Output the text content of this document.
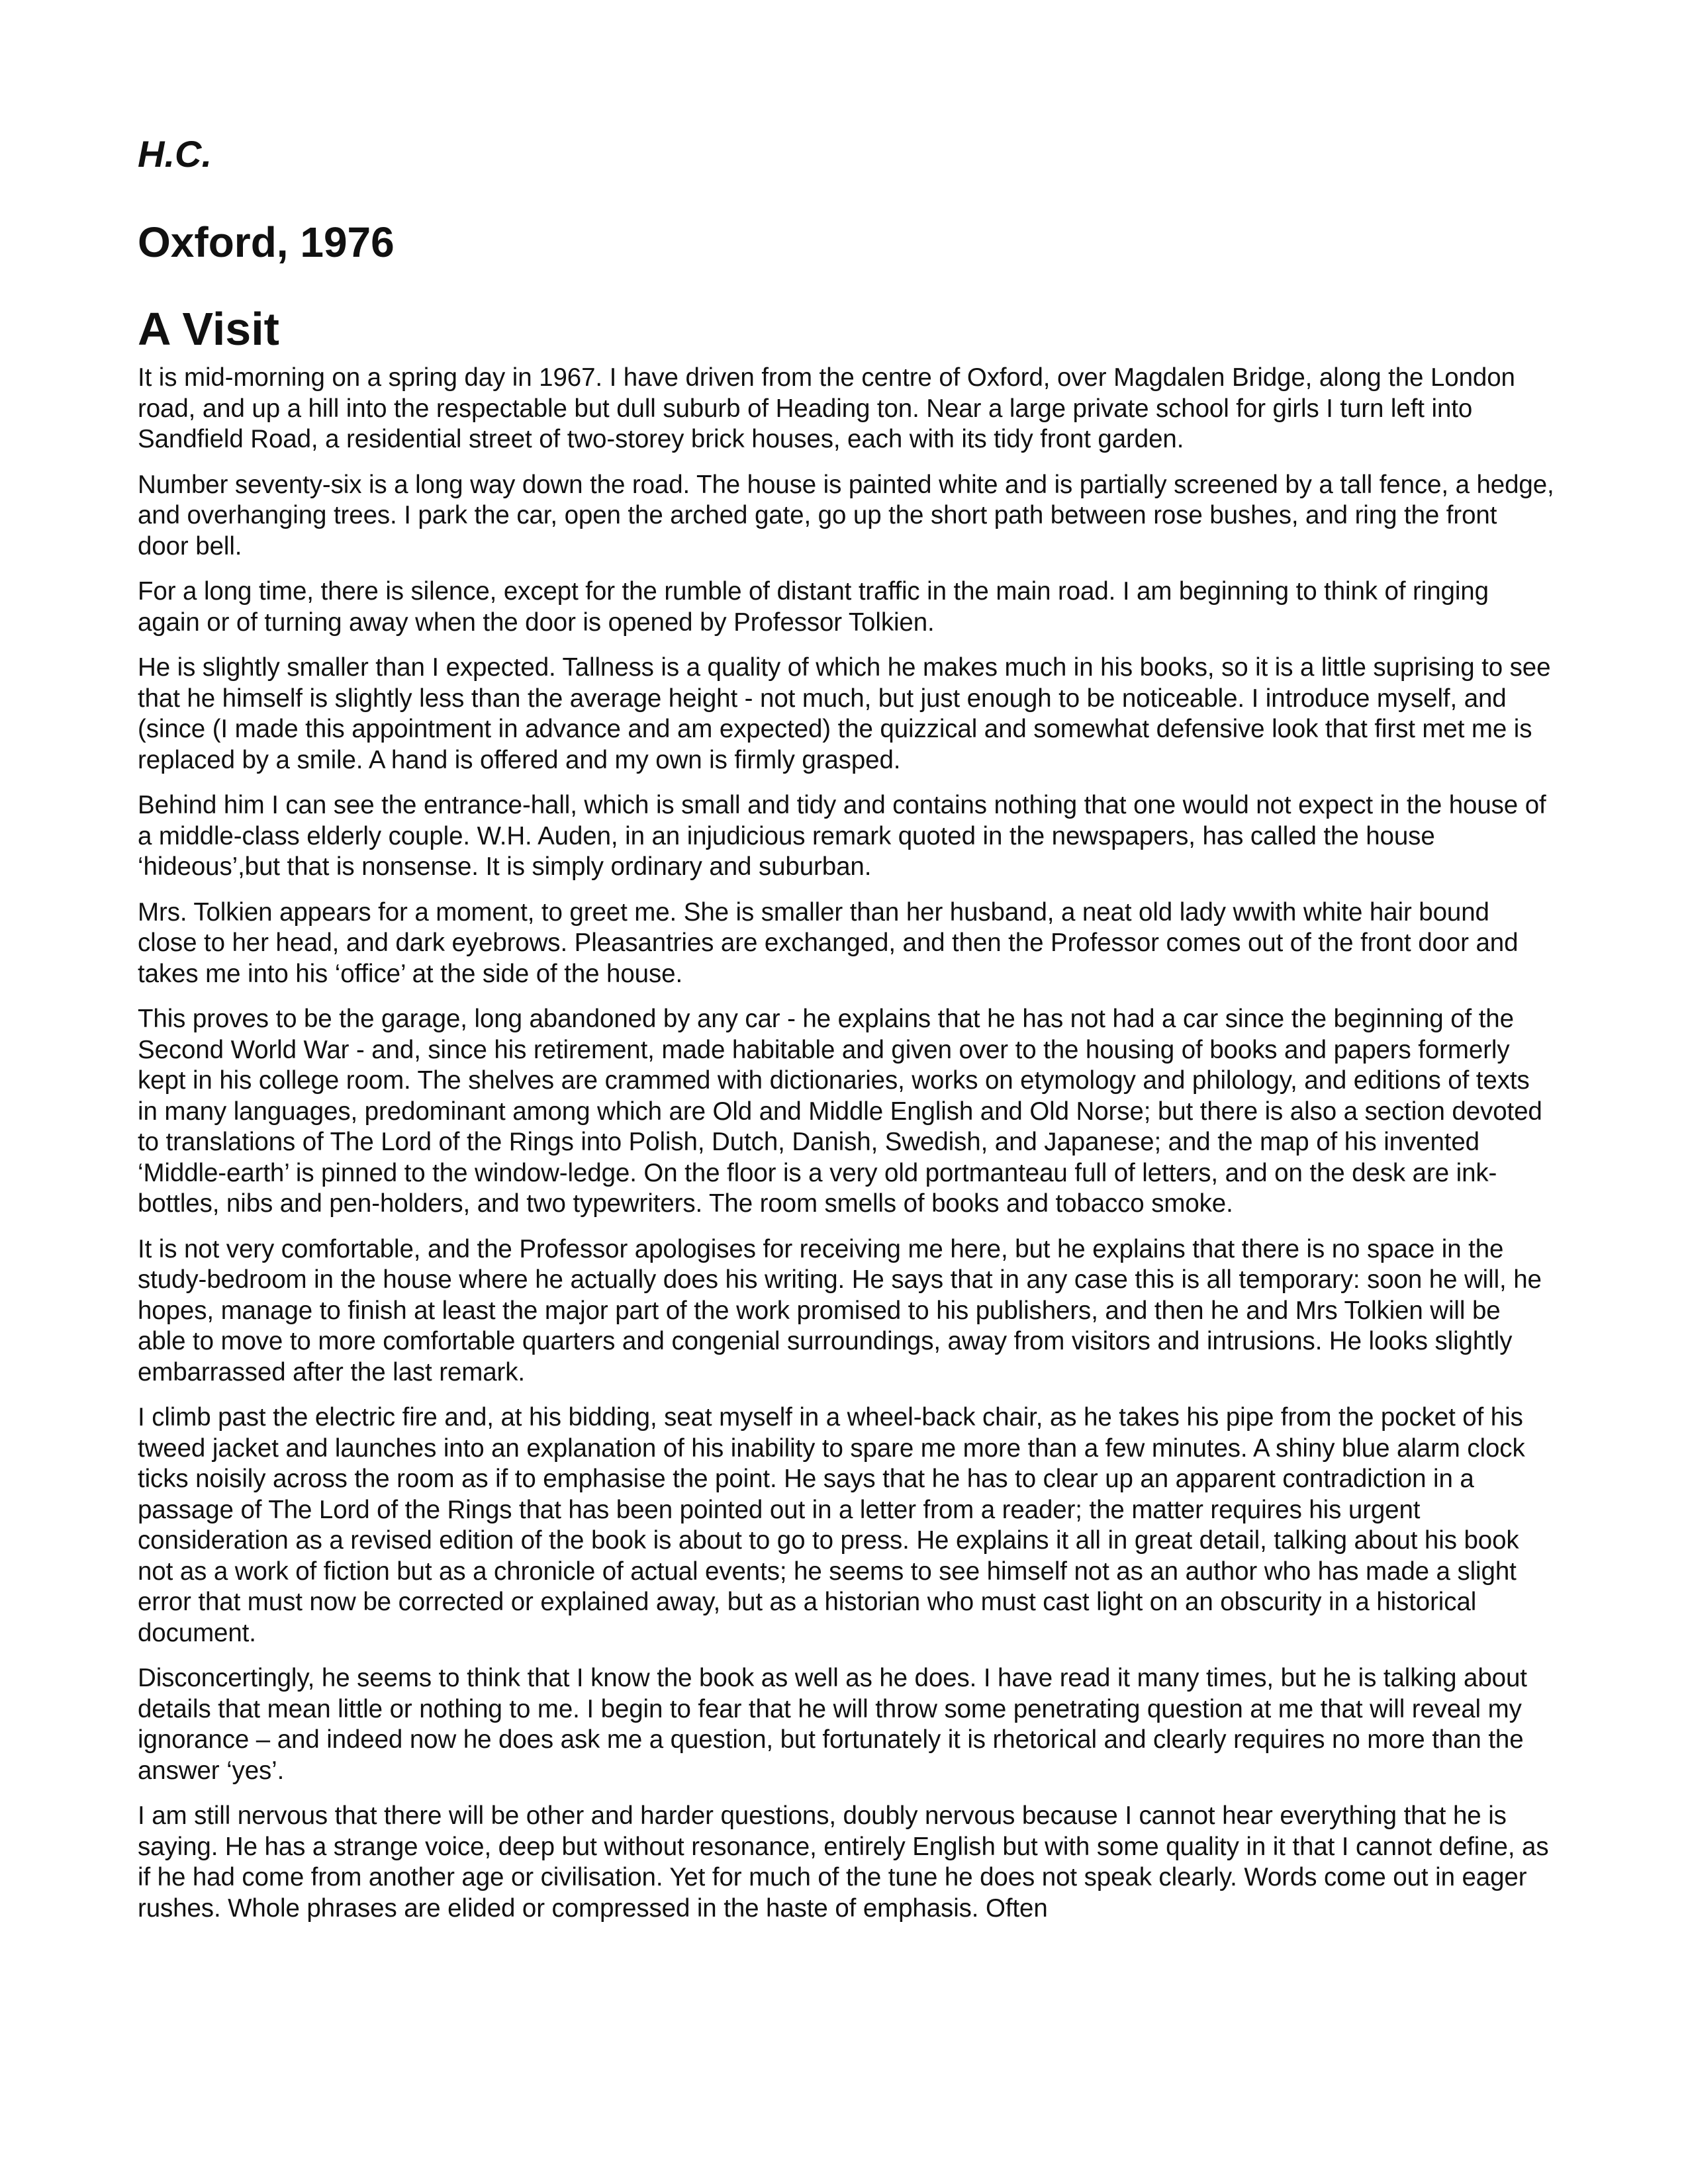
H.C.
Oxford, 1976
A Visit

It is mid-morning on a spring day in 1967. I have driven from the centre of Oxford, over Magdalen Bridge, along the London road, and up a hill into the respectable but dull suburb of Heading ton. Near a large private school for girls I turn left into Sandfield Road, a residential street of two-storey brick houses, each with its tidy front garden.

Number seventy-six is a long way down the road. The house is painted white and is partially screened by a tall fence, a hedge, and overhanging trees. I park the car, open the arched gate, go up the short path between rose bushes, and ring the front door bell.

For a long time, there is silence, except for the rumble of distant traffic in the main road. I am beginning to think of ringing again or of turning away when the door is opened by Professor Tolkien.

He is slightly smaller than I expected. Tallness is a quality of which he makes much in his books, so it is a little suprising to see that he himself is slightly less than the average height - not much, but just enough to be noticeable. I introduce myself, and (since (I made this appointment in advance and am expected) the quizzical and somewhat defensive look that first met me is replaced by a smile. A hand is offered and my own is firmly grasped.

Behind him I can see the entrance-hall, which is small and tidy and contains nothing that one would not expect in the house of a middle-class elderly couple. W.H. Auden, in an injudicious remark quoted in the newspapers, has called the house ‘hideous’,but that is nonsense. It is simply ordinary and suburban.

Mrs. Tolkien appears for a moment, to greet me. She is smaller than her husband, a neat old lady wwith white hair bound close to her head, and dark eyebrows. Pleasantries are exchanged, and then the Professor comes out of the front door and takes me into his ‘office’ at the side of the house.

This proves to be the garage, long abandoned by any car - he explains that he has not had a car since the beginning of the Second World War - and, since his retirement, made habitable and given over to the housing of books and papers formerly kept in his college room. The shelves are crammed with dictionaries, works on etymology and philology, and editions of texts in many languages, predominant among which are Old and Middle English and Old Norse; but there is also a section devoted to translations of The Lord of the Rings into Polish, Dutch, Danish, Swedish, and Japanese; and the map of his invented ‘Middle-earth’ is pinned to the window-ledge. On the floor is a very old portmanteau full of letters, and on the desk are ink-bottles, nibs and pen-holders, and two typewriters. The room smells of books and tobacco smoke.

It is not very comfortable, and the Professor apologises for receiving me here, but he explains that there is no space in the study-bedroom in the house where he actually does his writing. He says that in any case this is all temporary: soon he will, he hopes, manage to finish at least the major part of the work promised to his publishers, and then he and Mrs Tolkien will be able to move to more comfortable quarters and congenial surroundings, away from visitors and intrusions. He looks slightly embarrassed after the last remark.

I climb past the electric fire and, at his bidding, seat myself in a wheel-back chair, as he takes his pipe from the pocket of his tweed jacket and launches into an explanation of his inability to spare me more than a few minutes. A shiny blue alarm clock ticks noisily across the room as if to emphasise the point. He says that he has to clear up an apparent contradiction in a passage of The Lord of the Rings that has been pointed out in a letter from a reader; the matter requires his urgent consideration as a revised edition of the book is about to go to press. He explains it all in great detail, talking about his book not as a work of fiction but as a chronicle of actual events; he seems to see himself not as an author who has made a slight error that must now be corrected or explained away, but as a historian who must cast light on an obscurity in a historical document.

Disconcertingly, he seems to think that I know the book as well as he does. I have read it many times, but he is talking about details that mean little or nothing to me. I begin to fear that he will throw some penetrating question at me that will reveal my ignorance – and indeed now he does ask me a question, but fortunately it is rhetorical and clearly requires no more than the answer ‘yes’.

I am still nervous that there will be other and harder questions, doubly nervous because I cannot hear everything that he is saying. He has a strange voice, deep but without resonance, entirely English but with some quality in it that I cannot define, as if he had come from another age or civilisation. Yet for much of the tune he does not speak clearly. Words come out in eager rushes. Whole phrases are elided or compressed in the haste of emphasis. Often
